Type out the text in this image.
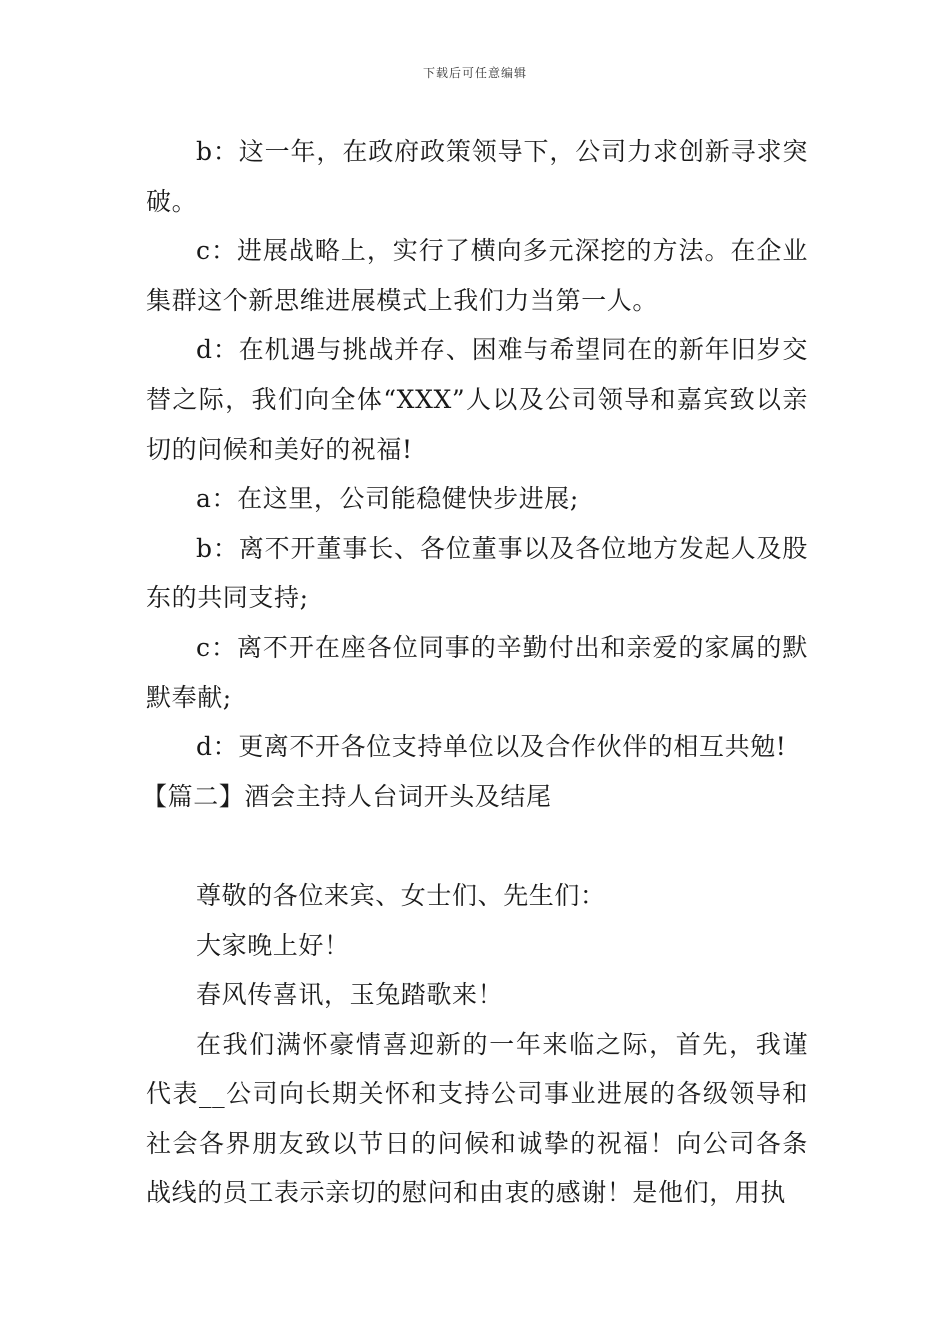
下载后可任意编辑

b：这一年，在政府政策领导下，公司力求创新寻求突破。

c：进展战略上，实行了横向多元深挖的方法。在企业集群这个新思维进展模式上我们力当第一人。

d：在机遇与挑战并存、困难与希望同在的新年旧岁交替之际，我们向全体“XXX”人以及公司领导和嘉宾致以亲切的问候和美好的祝福!

a：在这里，公司能稳健快步进展;

b：离不开董事长、各位董事以及各位地方发起人及股东的共同支持;

c：离不开在座各位同事的辛勤付出和亲爱的家属的默默奉献;

d：更离不开各位支持单位以及合作伙伴的相互共勉!

【篇二】酒会主持人台词开头及结尾

尊敬的各位来宾、女士们、先生们：

大家晚上好！

春风传喜讯，玉兔踏歌来！

在我们满怀豪情喜迎新的一年来临之际，首先，我谨代表__公司向长期关怀和支持公司事业进展的各级领导和社会各界朋友致以节日的问候和诚挚的祝福！向公司各条战线的员工表示亲切的慰问和由衷的感谢！是他们，用执
